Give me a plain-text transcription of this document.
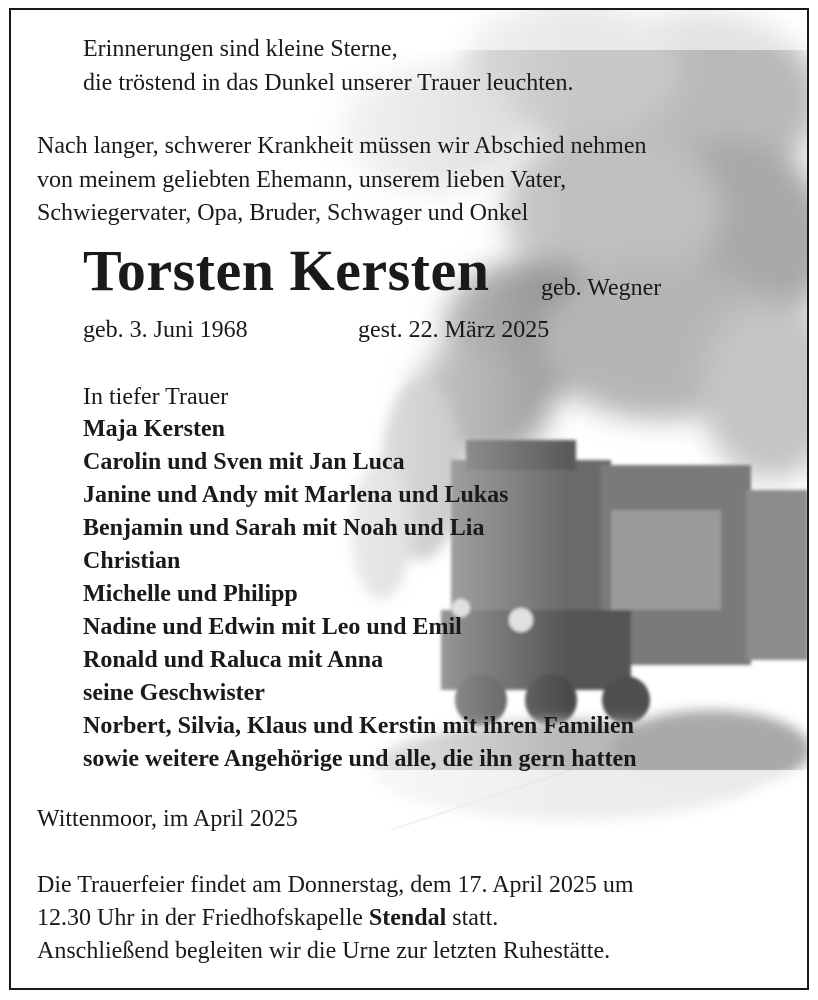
Erinnerungen sind kleine Sterne,
die tröstend in das Dunkel unserer Trauer leuchten.
Nach langer, schwerer Krankheit müssen wir Abschied nehmen
von meinem geliebten Ehemann, unserem lieben Vater,
Schwiegervater, Opa, Bruder, Schwager und Onkel
Torsten Kersten geb. Wegner
geb. 3. Juni 1968	gest. 22. März 2025
In tiefer Trauer
Maja Kersten
Carolin und Sven mit Jan Luca
Janine und Andy mit Marlena und Lukas
Benjamin und Sarah mit Noah und Lia
Christian
Michelle und Philipp
Nadine und Edwin mit Leo und Emil
Ronald und Raluca mit Anna
seine Geschwister
Norbert, Silvia, Klaus und Kerstin mit ihren Familien
sowie weitere Angehörige und alle, die ihn gern hatten
Wittenmoor, im April 2025
Die Trauerfeier findet am Donnerstag, dem 17. April 2025 um
12.30 Uhr in der Friedhofskapelle Stendal statt.
Anschließend begleiten wir die Urne zur letzten Ruhestätte.
